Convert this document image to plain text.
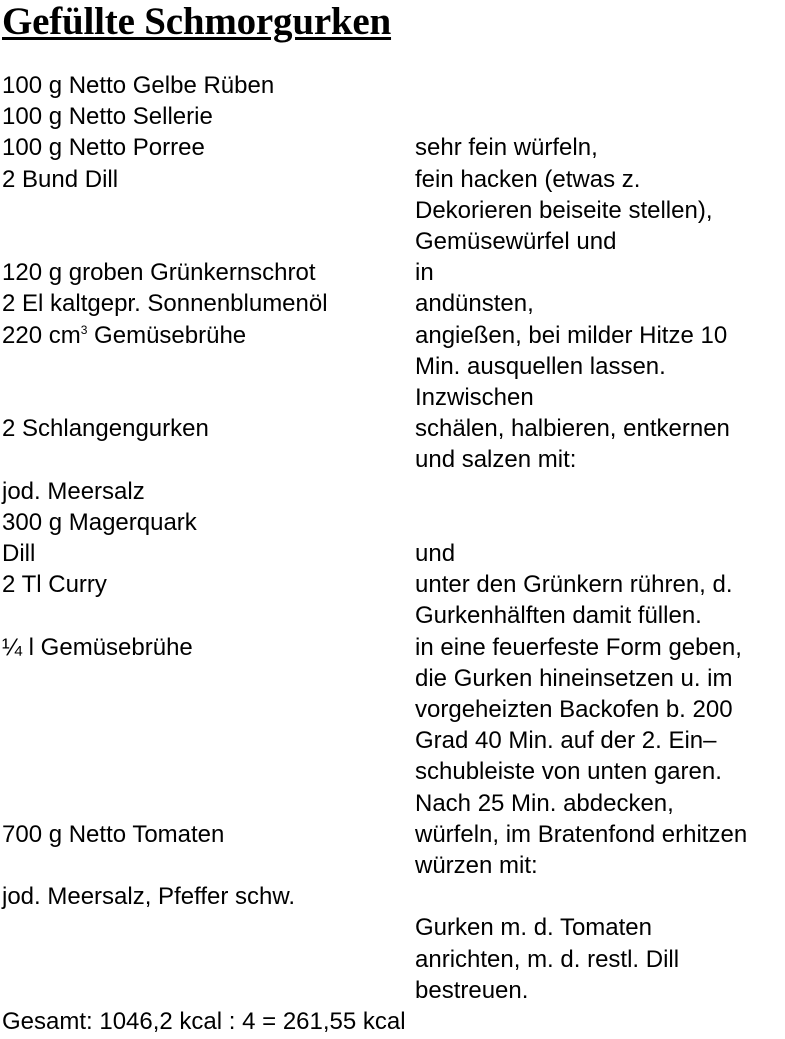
Gefüllte Schmorgurken
100 g Netto Gelbe Rüben
100 g Netto Sellerie
100 g Netto Porree	sehr fein würfeln,
2 Bund Dill	fein hacken (etwas z.
Dekorieren beiseite stellen),
Gemüsewürfel und
120 g groben Grünkernschrot	in
2 El kaltgepr. Sonnenblumenöl	andünsten,
220 $cm^3$ Gemüsebrühe	angießen, bei milder Hitze 10
Min. ausquellen lassen.
Inzwischen
2 Schlangengurken	schälen, halbieren, entkernen
und salzen mit:
jod. Meersalz
300 g Magerquark
Dill	und
2 Tl Curry	unter den Grünkern rühren, d.
Gurkenhälften damit füllen.
¼ l Gemüsebrühe	in eine feuerfeste Form geben,
die Gurken hineinsetzen u. im
vorgeheizten Backofen b. 200
Grad 40 Min. auf der 2. Ein–
schubleiste von unten garen.
Nach 25 Min. abdecken,
700 g Netto Tomaten	würfeln, im Bratenfond erhitzen
würzen mit:
jod. Meersalz, Pfeffer schw.
Gurken m. d. Tomaten
anrichten, m. d. restl. Dill
bestreuen.
Gesamt: 1046,2 kcal : 4 = 261,55 kcal
